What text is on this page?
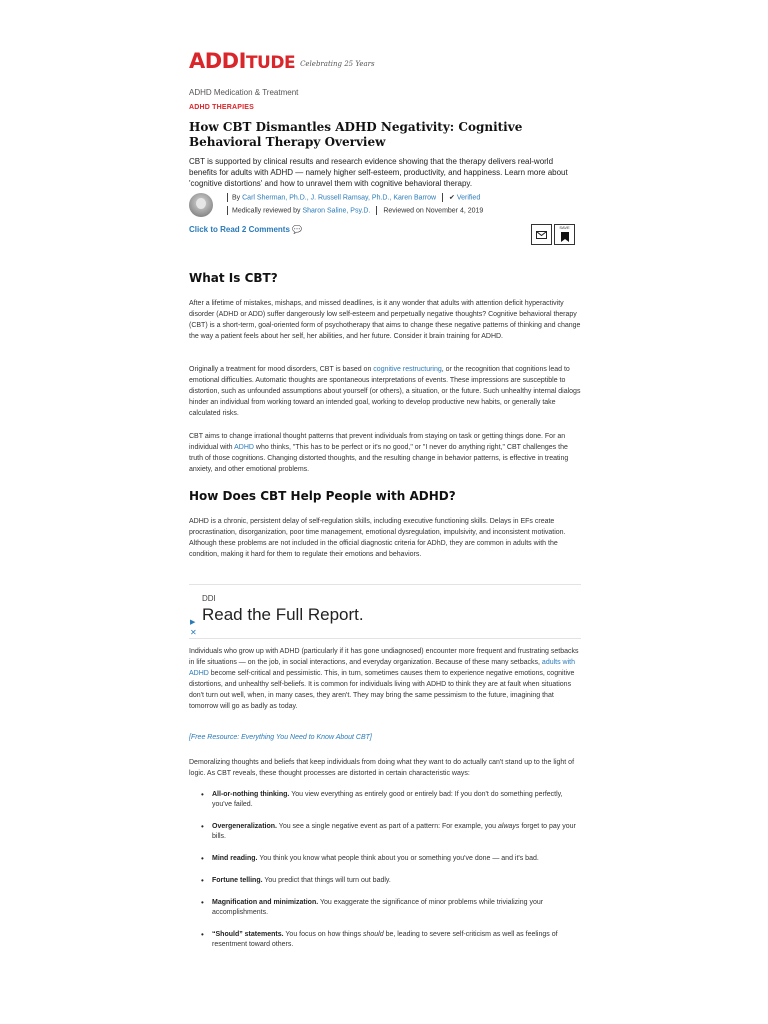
ADDITUDE Celebrating 25 Years
ADHD Medication & Treatment
ADHD THERAPIES
How CBT Dismantles ADHD Negativity: Cognitive Behavioral Therapy Overview
CBT is supported by clinical results and research evidence showing that the therapy delivers real-world benefits for adults with ADHD — namely higher self-esteem, productivity, and happiness. Learn more about 'cognitive distortions' and how to unravel them with cognitive behavioral therapy.
By Carl Sherman, Ph.D., J. Russell Ramsay, Ph.D., Karen Barrow ✔ Verified
Medically reviewed by Sharon Saline, Psy.D. Reviewed on November 4, 2019
Click to Read 2 Comments 💬	SAVE
What Is CBT?
After a lifetime of mistakes, mishaps, and missed deadlines, is it any wonder that adults with attention deficit hyperactivity disorder (ADHD or ADD) suffer dangerously low self-esteem and perpetually negative thoughts? Cognitive behavioral therapy (CBT) is a short-term, goal-oriented form of psychotherapy that aims to change these negative patterns of thinking and change the way a patient feels about her self, her abilities, and her future. Consider it brain training for ADHD.
Originally a treatment for mood disorders, CBT is based on cognitive restructuring, or the recognition that cognitions lead to emotional difficulties. Automatic thoughts are spontaneous interpretations of events. These impressions are susceptible to distortion, such as unfounded assumptions about yourself (or others), a situation, or the future. Such unhealthy internal dialogs hinder an individual from working toward an intended goal, working to develop productive new habits, or generally take calculated risks.
CBT aims to change irrational thought patterns that prevent individuals from staying on task or getting things done. For an individual with ADHD who thinks, "This has to be perfect or it's no good," or "I never do anything right," CBT challenges the truth of those cognitions. Changing distorted thoughts, and the resulting change in behavior patterns, is effective in treating anxiety, and other emotional problems.
How Does CBT Help People with ADHD?
ADHD is a chronic, persistent delay of self-regulation skills, including executive functioning skills. Delays in EFs create procrastination, disorganization, poor time management, emotional dysregulation, impulsivity, and inconsistent motivation. Although these problems are not included in the official diagnostic criteria for ADhD, they are common in adults with the condition, making it hard for them to regulate their emotions and behaviors.
DDI
Read the Full Report.
▶
✕
Individuals who grow up with ADHD (particularly if it has gone undiagnosed) encounter more frequent and frustrating setbacks in life situations — on the job, in social interactions, and everyday organization. Because of these many setbacks, adults with ADHD become self-critical and pessimistic. This, in turn, sometimes causes them to experience negative emotions, cognitive distortions, and unhealthy self-beliefs. It is common for individuals living with ADHD to think they are at fault when situations don't turn out well, when, in many cases, they aren't. They may bring the same pessimism to the future, imagining that tomorrow will go as badly as today.
[Free Resource: Everything You Need to Know About CBT]
Demoralizing thoughts and beliefs that keep individuals from doing what they want to do actually can't stand up to the light of logic. As CBT reveals, these thought processes are distorted in certain characteristic ways:
• All-or-nothing thinking. You view everything as entirely good or entirely bad: If you don't do something perfectly, you've failed.
• Overgeneralization. You see a single negative event as part of a pattern: For example, you always forget to pay your bills.
• Mind reading. You think you know what people think about you or something you've done — and it's bad.
• Fortune telling. You predict that things will turn out badly.
• Magnification and minimization. You exaggerate the significance of minor problems while trivializing your accomplishments.
• “Should” statements. You focus on how things should be, leading to severe self-criticism as well as feelings of resentment toward others.
